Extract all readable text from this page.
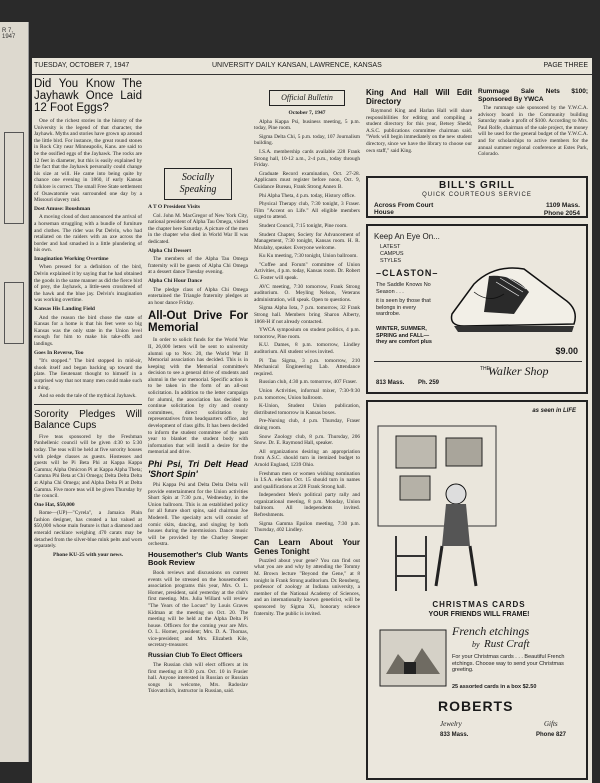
R 7, 1947
TUESDAY, OCTOBER 7, 1947	UNIVERSITY DAILY KANSAN, LAWRENCE, KANSAS	PAGE THREE
Did You Know The Jayhawk Once Laid 12 Foot Eggs?

One of the richest stories in the history of the University is the legend of that character, the Jayhawk. Myths and stories have grown up around the little bird. For instance, the great round stones in Rock City near Minneapolis, Kans. are said to be the ossified eggs of the Jayhawk. The rocks are 12 feet in diameter, but this is easily explained by the fact that the Jayhawk personally could change his size at will. He came into being quite by chance one evening in 1860, if early Kansas folklore is correct. The small Free State settlement of Osawatomie was surrounded one day by a Missouri slavery raid.

Dost Amuse: Boushman

A moving cloud of dust announced the arrival of a horseman struggling with a bundle of furniture and clothes. The rider was Pat Delvin, who had retaliated on the raiders with an axe across the border and had smashed in a little plundering of his own.

Imagination Working Overtime

When pressed for a definition of the bird, Delvin explained it by saying that he had obtained the goods in the same manner as did the fierce bird of prey, the Jayhawk, a little-seen crossbreed of the hawk and the blue jay. Delvin's imagination was working overtime.

Kansas His Landing Field

And the reason the bird chose the state of Kansas for a home is that his feet were so big Kansas was the only state in the Union level enough for him to make his take-offs and landings.

Goes In Reverse, Too

"It's stopped." The bird stopped in mid-air, shook itself and began backing up toward the plate. The lieutenant thought to himself in a surprised way that not many men could make such a thing.

And so ends the tale of the mythical Jayhawk.

Sorority Pledges Will Balance Cups

Five teas sponsored by the Freshman Panhellenic council will be given 4:30 to 5:30 today. The teas will be held at five sorority houses with pledge classes as guests. Hostesses and guests will be Pi Beta Phi at Kappa Kappa Gamma; Alpha Omicron Pi at Kappa Alpha Theta; Gamma Phi Beta at Chi Omega; Delta Delta Delta at Alpha Chi Omega; and Alpha Delta Pi at Delta Gamma. Five more teas will be given Thursday by the council.

One Hat, $50,000

Rome—(UP)—"Cyrela", a Jamaica Plain fashion designer, has created a hat valued at $50,000 whose main feature is that a diamond and emerald necklace weighing 470 carats may be detached from the silver-blue mink pelts and worn separately.

Phone KU-25 with your news.
Socially Speaking
A T O President Visits

Col. John M. MacGregor of New York City, national president of Alpha Tau Omega, visited the chapter here Saturday. A picture of the men in the chapter who died in World War II was dedicated.

Alpha Chi Dessert

The members of the Alpha Tau Omega fraternity will be guests of Alpha Chi Omega at a dessert dance Tuesday evening.

Alpha Chi Hour Dance

The pledge class of Alpha Chi Omega entertained the Triangle fraternity pledges at an hour dance Friday.

All-Out Drive For Memorial

In order to solicit funds for the World War II, 26,000 letters will be sent to university alumni up to Nov. 20, the World War II Memorial association has decided. This is in keeping with the Memorial committee's decision to see a general drive of students and alumni in the war memorial. Specific action is to be taken in the form of an all-out solicitation. In addition to the letter campaign for alumni, the association has decided to continue solicitation by city and county committees, direct solicitation by representatives from headquarters office, and development of class gifts. It has been decided to inform the student committee of the past year to blanket the student body with information that will instill a desire for the memorial and drive.

Phi Psi, Tri Delt Head 'Short Spin'

Phi Kappa Psi and Delta Delta Delta will provide entertainment for the Union activities Short Spin at 7:30 p.m., Wednesday, in the Union ballroom. This is an established policy for all future short spins, said chairman Joe Moderell. The specialty acts will consist of comic skits, dancing, and singing by both houses during the intermission. Dance music will be provided by the Charley Steeper orchestra.

Housemother's Club Wants Book Review

Book reviews and discussions on current events will be stressed on the housemothers association programs this year, Mrs. O. L. Horner, president, said yesterday at the club's first meeting. Mrs. Julia Willard will review "The Years of the Locust" by Louis Graves Kidman at the meeting on Oct. 20. The meeting will be held at the Alpha Delta Pi house. Officers for the coming year are Mrs. O. L. Horner, president; Mrs. D. A. Thomas, vice-president; and Mrs. Elizabeth Kile, secretary-treasurer.

Russian Club To Elect Officers

The Russian club will elect officers at its first meeting at 8:30 p.m. Oct. 10 in Frasier hall. Anyone interested in Russian or Russian songs is welcome, Mrs. Radoslav Tsiovatchich, instructor in Russian, said.

Official Bulletin
October 7, 1947

Alpha Kappa Psi, business meeting, 5 p.m. today, Pine room.

Sigma Delta Chi, 5 p.m. today, 107 Journalism building.

I.S.A. membership cards available 228 Frank Strong hall, 10-12 a.m., 2-4 p.m., today through Friday.

Graduate Record examination, Oct. 27-28. Applicants must register before noon, Oct. 9, Guidance Bureau, Frank Strong Annex B.

Phi Alpha Theta, 4 p.m. today, History office.

Physical Therapy club, 7:30 tonight, 3 Fraser. Film "Accent on Life." All eligible members urged to attend.

Student Council, 7:15 tonight, Pine room.

Student Chapter, Society for Advancement of Management, 7:30 tonight, Kansas room. H. R. Mculahy, speaker. Everyone welcome.

Ku Ku meeting, 7:30 tonight, Union ballroom.

"Coffee and Forum" committee of Union Activities, 4 p.m. today, Kansas room. Dr. Robert G. Foster will speak.

AVC meeting, 7:30 tomorrow, Frank Strong auditorium. O. Meyling Nelson, Veterans administration, will speak. Open to questions.

Sigma Alpha Iota, 7 p.m. tomorrow, 32 Frank Strong hall. Members bring Sharon Alberty, 1868-H if not already contacted.

YWCA symposium on student politics, 4 p.m. tomorrow, Pine room.

K.U. Dames, 8 p.m. tomorrow, Lindley auditorium. All student wives invited.

Pi Tau Sigma, 3 p.m. tomorrow, 210 Mechanical Engineering Lab. Attendance required.

Russian club, 4:30 p.m. tomorrow, 407 Fraser.

Union Activities, informal mixer, 7:30-9:30 p.m. tomorrow, Union ballroom.

K-Union, Student Union publication, distributed tomorrow in Kansas boxes.

Pre-Nursing club, 4 p.m. Thursday, Fraser dining room.

Snow Zoology club, 8 p.m. Thursday, 206 Snow. Dr. E. Raymond Hall, speaker.

All organizations desiring an appropriation from A.S.C. should turn in itemized budget to Arnold England, 1239 Ohio.

Freshman men or women wishing nomination in I.S.A. election Oct. 15 should turn in names and qualifications at 228 Frank Strong hall.

Independent Men's political party rally and organizational meeting, 8 p.m. Monday, Union ballroom. All independents invited. Refreshments.

Sigma Gamma Epsilon meeting, 7:30 p.m. Thursday, 402 Lindley.

Can Learn About Your Genes Tonight

Puzzled about your gene? You can find out what you are and why by attending the Tommy M. Brown lecture "Beyond the Gene," at 8 tonight in Frank Strong auditorium. Dr. Rensberg, professor of zoology at Indiana university, a member of the National Academy of Sciences, and an internationally known geneticist, will be sponsored by Sigma Xi, honorary science fraternity. The public is invited.

King And Hall Will Edit Directory

Raymond King and Harlan Hall will share responsibilities for editing and compiling a student directory for this year, Betsey Shedd, A.S.C. publications committee chairman said. "Work will begin immediately on the new student directory, since we have the library to choose our own staff," said King.

Rummage Sale Nets $100; Sponsored By YWCA

The rummage sale sponsored by the Y.W.C.A. advisory board in the Community building Saturday made a profit of $100. According to Mrs. Paul Rolfe, chairman of the sale project, the money will be used for the general budget of the Y.W.C.A. and for scholarships to active members for the annual summer regional conference at Estes Park, Colorado.

BILL'S GRILL
QUICK COURTEOUS SERVICE
Across From Court House
1109 Mass.
Phone 2054
Keep An Eye On...
LATEST
CAMPUS
STYLES
–CLASTON–
The Saddle Knows No Season . . .
it is seen by those that belongs in every wardrobe.
WINTER, SUMMER, SPRING and FALL—they are comfort plus
$9.00
THE
Walker Shop
813 Mass. Ph. 259
as seen in LIFE
CHRISTMAS CARDS
YOUR FRIENDS WILL FRAME!
French etchings
by Rust Craft
For your Christmas cards . . . Beautiful French etchings. Choose way to send your Christmas greeting.
25 assorted cards in a box $2.50
ROBERTS
Jewelry	Gifts
833 Mass.	Phone 827
